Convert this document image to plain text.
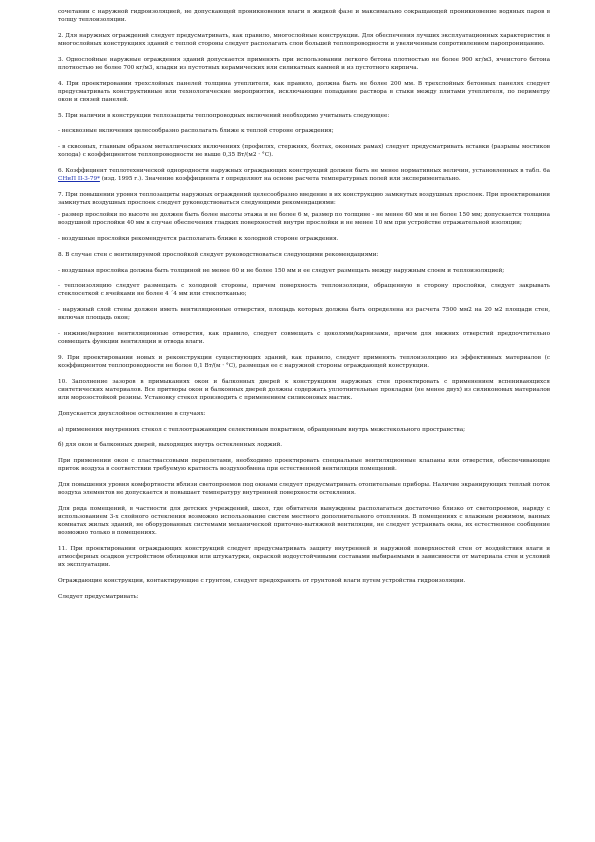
сочетании с наружной гидроизоляцией, не допускающей проникновения влаги в жидкой фазе и максимально сокращающей проникновение водяных паров в толщу теплоизоляции.

2. Для наружных ограждений следует предусматривать, как правило, многослойные конструкции. Для обеспечения лучших эксплуатационных характеристик в многослойных конструкциях зданий с теплой стороны следует располагать слои большей теплопроводности и увеличенным сопротивлением паропроницанию.

3. Однослойные наружные ограждения зданий допускается применять при использовании легкого бетона плотностью не более 900 кг/м3, ячеистого бетона плотностью не более 700 кг/м3, кладки из пустотных керамических или силикатных камней и из пустотного кирпича.

4. При проектировании трехслойных панелей толщина утеплителя, как правило, должна быть не более 200 мм. В трехслойных бетонных панелях следует предусматривать конструктивные или технологические мероприятия, исключающие попадание раствора в стыки между плитами утеплителя, по периметру окон и связей панелей.

5. При наличии в конструкции теплозащиты теплопроводных включений необходимо учитывать следующее:

- несквозные включения целесообразно располагать ближе к теплой стороне ограждения;

- в сквозных, главным образом металлических включениях (профилях, стержнях, болтах, оконных рамах) следует предусматривать вставки (разрывы мостиков холода) с коэффициентом теплопроводности не выше 0,35 Вт/(м2 · °С).

6. Коэффициент теплотехнической однородности наружных ограждающих конструкций должен быть не менее нормативных величин, установленных в табл. 6а СНиП II-3-79* (изд. 1995 г.). Значение коэффициента r определяют на основе расчета температурных полей или экспериментально.

7. При повышении уровня теплозащиты наружных ограждений целесообразно введение в их конструкцию замкнутых воздушных прослоек. При проектировании замкнутых воздушных прослоек следует руководствоваться следующими рекомендациями:

- размер прослойки по высоте не должен быть более высоты этажа и не более 6 м, размер по толщине - не менее 60 мм и не более 150 мм; допускается толщина воздушной прослойки 40 мм в случае обеспечения гладких поверхностей внутри прослойки и не менее 10 мм при устройстве отражательной изоляции;

- воздушные прослойки рекомендуется располагать ближе к холодной стороне ограждения.

8. В случае стен с вентилируемой прослойкой следует руководствоваться следующими рекомендациями:

- воздушная прослойка должна быть толщиной не менее 60 и не более 150 мм и ее следует размещать между наружным слоем и теплоизоляцией;

- теплоизоляцию следует размещать с холодной стороны, причем поверхность теплоизоляции, обращенную в сторону прослойки, следует закрывать стеклосеткой с ячейками не более 4 ´4 мм или стеклотканью;

- наружный слой стены должен иметь вентиляционные отверстия, площадь которых должна быть определена из расчета 7500 мм2 на 20 м2 площади стен, включая площадь окон;

- нижние/верхние вентиляционные отверстия, как правило, следует совмещать с цоколями/карнизами, причем для нижних отверстий предпочтительно совмещать функции вентиляции и отвода влаги.

9. При проектировании новых и реконструкции существующих зданий, как правило, следует применять теплоизоляцию из эффективных материалов (с коэффициентом теплопроводности не более 0,1 Вт/(м · °С), размещая ее с наружной стороны ограждающей конструкции.

10. Заполнение зазоров в примыканиях окон и балконных дверей к конструкциям наружных стен проектировать с применением вспенивающихся синтетических материалов. Все притворы окон и балконных дверей должны содержать уплотнительные прокладки (не менее двух) из силиконовых материалов или морозостойкой резины. Установку стекол производить с применением силиконовых мастик.

Допускается двухслойное остекление в случаях:

а) применения внутренних стекол с теплоотражающим селективным покрытием, обращенным внутрь межстекольного пространства;

б) для окон и балконных дверей, выходящих внутрь остекленных лоджий.

При применении окон с пластмассовыми переплетами, необходимо проектировать специальные вентиляционные клапаны или отверстия, обеспечивающие приток воздуха в соответствии требуемую кратность воздухообмена при естественной вентиляции помещений.

Для повышения уровня комфортности вблизи светопроемов под окнами следует предусматривать отопительные приборы. Наличие экранирующих теплый поток воздуха элементов не допускается и повышает температуру внутренней поверхности остекления.

Для ряда помещений, в частности для детских учреждений, школ, где обитатели вынуждены располагаться достаточно близко от светопроемов, наряду с использованием 3-х слойного остекления возможно использование систем местного дополнительного отопления. В помещениях с влажным режимом, ванных комнатах жилых зданий, не оборудованных системами механической приточно-вытяжной вентиляции, не следует устраивать окна, их естественное сообщение возможно только в помещениях.

11. При проектировании ограждающих конструкций следует предусматривать защиту внутренней и наружной поверхностей стен от воздействия влаги и атмосферных осадков устройством облицовки или штукатурки, окраской водоустойчивыми составами выбираемыми в зависимости от материала стен и условий их эксплуатации.

Ограждающие конструкции, контактирующие с грунтом, следует предохранять от грунтовой влаги путем устройства гидроизоляции.

Следует предусматривать:
